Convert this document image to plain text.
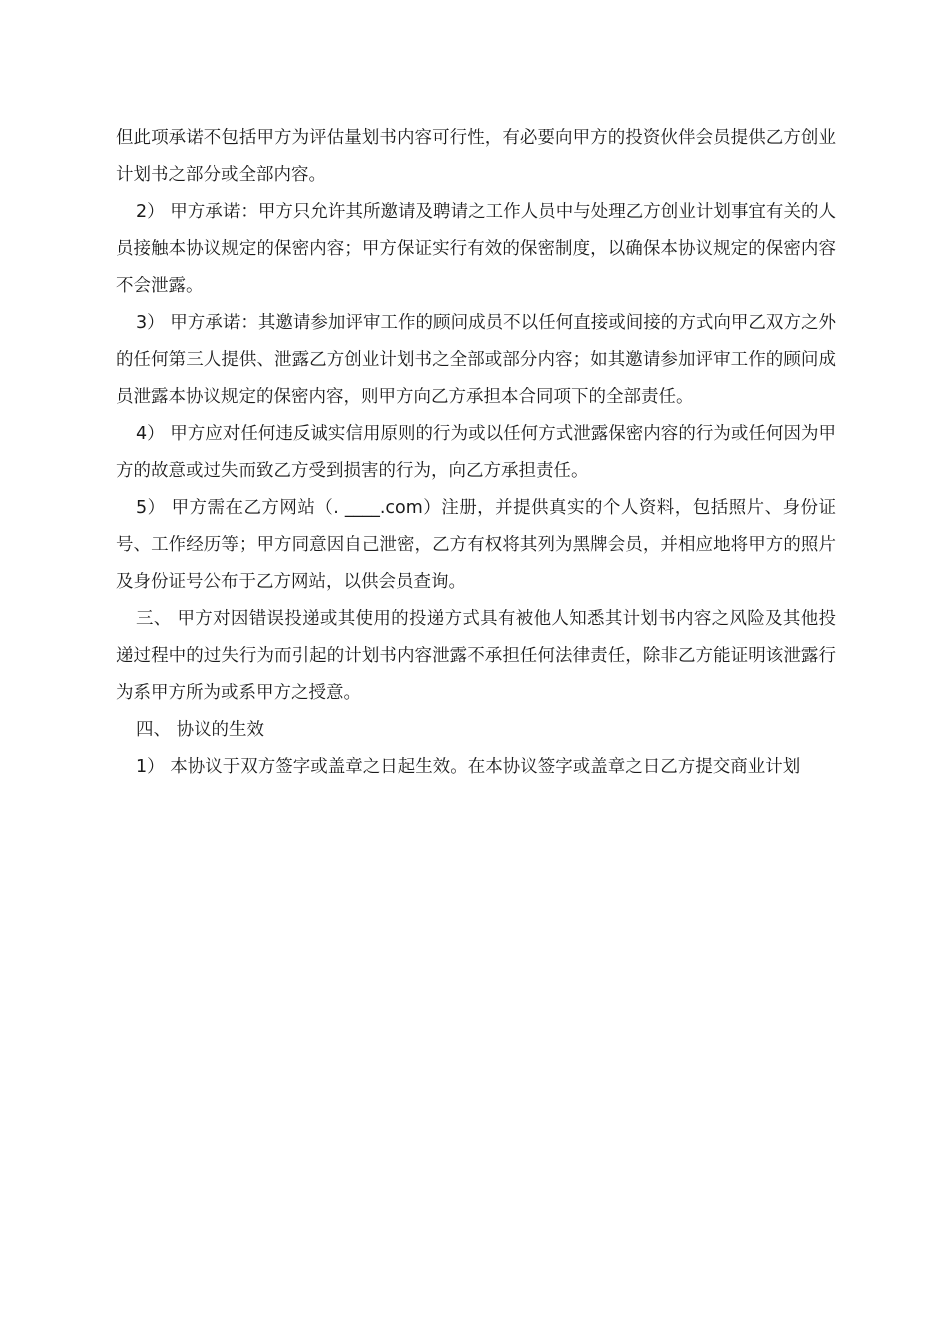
但此项承诺不包括甲方为评估量划书内容可行性，有必要向甲方的投资伙伴会员提供乙方创业计划书之部分或全部内容。

2） 甲方承诺：甲方只允许其所邀请及聘请之工作人员中与处理乙方创业计划事宜有关的人员接触本协议规定的保密内容；甲方保证实行有效的保密制度，以确保本协议规定的保密内容不会泄露。

3） 甲方承诺：其邀请参加评审工作的顾问成员不以任何直接或间接的方式向甲乙双方之外的任何第三人提供、泄露乙方创业计划书之全部或部分内容；如其邀请参加评审工作的顾问成员泄露本协议规定的保密内容，则甲方向乙方承担本合同项下的全部责任。

4） 甲方应对任何违反诚实信用原则的行为或以任何方式泄露保密内容的行为或任何因为甲方的故意或过失而致乙方受到损害的行为，向乙方承担责任。

5） 甲方需在乙方网站（. ____.com）注册，并提供真实的个人资料，包括照片、身份证号、工作经历等；甲方同意因自己泄密，乙方有权将其列为黑牌会员，并相应地将甲方的照片及身份证号公布于乙方网站，以供会员查询。

三、 甲方对因错误投递或其使用的投递方式具有被他人知悉其计划书内容之风险及其他投递过程中的过失行为而引起的计划书内容泄露不承担任何法律责任，除非乙方能证明该泄露行为系甲方所为或系甲方之授意。

四、 协议的生效

1） 本协议于双方签字或盖章之日起生效。在本协议签字或盖章之日乙方提交商业计划
